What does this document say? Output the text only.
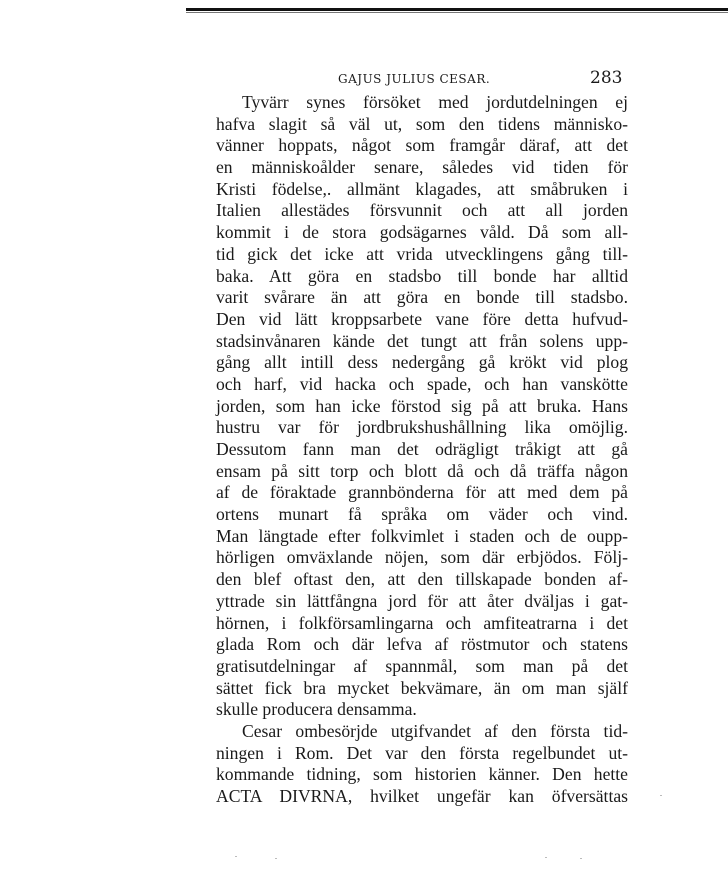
GAJUS JULIUS CESAR.	283
Tyvärr synes försöket med jordutdelningen ej
hafva slagit så väl ut, som den tidens människo-
vänner hoppats, något som framgår däraf, att det
en människoålder senare, således vid tiden för
Kristi födelse,. allmänt klagades, att småbruken i
Italien allestädes försvunnit och att all jorden
kommit i de stora godsägarnes våld. Då som all-
tid gick det icke att vrida utvecklingens gång till-
baka. Att göra en stadsbo till bonde har alltid
varit svårare än att göra en bonde till stadsbo.
Den vid lätt kroppsarbete vane före detta hufvud-
stadsinvånaren kände det tungt att från solens upp-
gång allt intill dess nedergång gå krökt vid plog
och harf, vid hacka och spade, och han vanskötte
jorden, som han icke förstod sig på att bruka. Hans
hustru var för jordbrukshushållning lika omöjlig.
Dessutom fann man det odrägligt tråkigt att gå
ensam på sitt torp och blott då och då träffa någon
af de föraktade grannbönderna för att med dem på
ortens munart få språka om väder och vind.
Man längtade efter folkvimlet i staden och de oupp-
hörligen omväxlande nöjen, som där erbjödos. Följ-
den blef oftast den, att den tillskapade bonden af-
yttrade sin lättfångna jord för att åter dväljas i gat-
hörnen, i folkförsamlingarna och amfiteatrarna i det
glada Rom och där lefva af röstmutor och statens
gratisutdelningar af spannmål, som man på det
sättet fick bra mycket bekvämare, än om man själf
skulle producera densamma.
Cesar ombesörjde utgifvandet af den första tid-
ningen i Rom. Det var den första regelbundet ut-
kommande tidning, som historien känner. Den hette
ACTA DIVRNA, hvilket ungefär kan öfversättas
